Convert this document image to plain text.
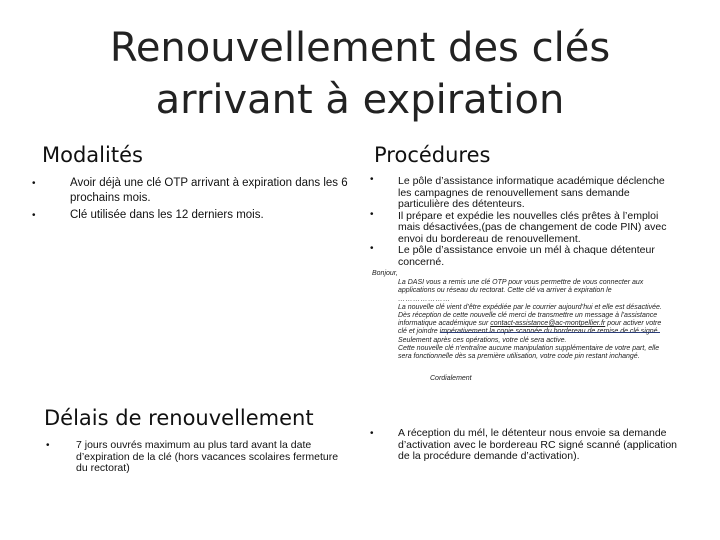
Renouvellement des clés arrivant à expiration
Modalités
•	Avoir déjà une clé OTP arrivant à expiration dans les 6 prochains mois.
•	Clé utilisée dans les 12 derniers mois.
Procédures
• Le pôle d’assistance informatique académique déclenche les campagnes de renouvellement sans demande particulière des détenteurs.
• Il prépare et expédie les nouvelles clés prêtes à l’emploi mais désactivées,(pas de changement de code PIN) avec envoi du bordereau de renouvellement.
• Le pôle d’assistance envoie un mél à chaque détenteur concerné.
Bonjour,

La DASI vous a remis une clé OTP pour vous permettre de vous connecter aux applications ou réseau du rectorat. Cette clé va arriver à expiration le

…………………

La nouvelle clé vient d’être expédiée par le courrier aujourd’hui et elle est désactivée.

Dès réception de cette nouvelle clé merci de transmettre un message à l’assistance informatique académique sur contact-assistance@ac-montpellier.fr pour activer votre clé et joindre impérativement la copie scannée du bordereau de remise de clé signé.

Seulement après ces opérations, votre clé sera active.

Cette nouvelle clé n’entraîne aucune manipulation supplémentaire de votre part, elle sera fonctionnelle dès sa première utilisation, votre code pin restant inchangé.

Cordialement
• A réception du mél, le détenteur nous envoie sa demande d’activation avec le bordereau RC signé scanné (application de la procédure demande d’activation).
Délais de renouvellement
•	7 jours ouvrés maximum au plus tard avant la date d’expiration de la clé (hors vacances scolaires fermeture du rectorat)
